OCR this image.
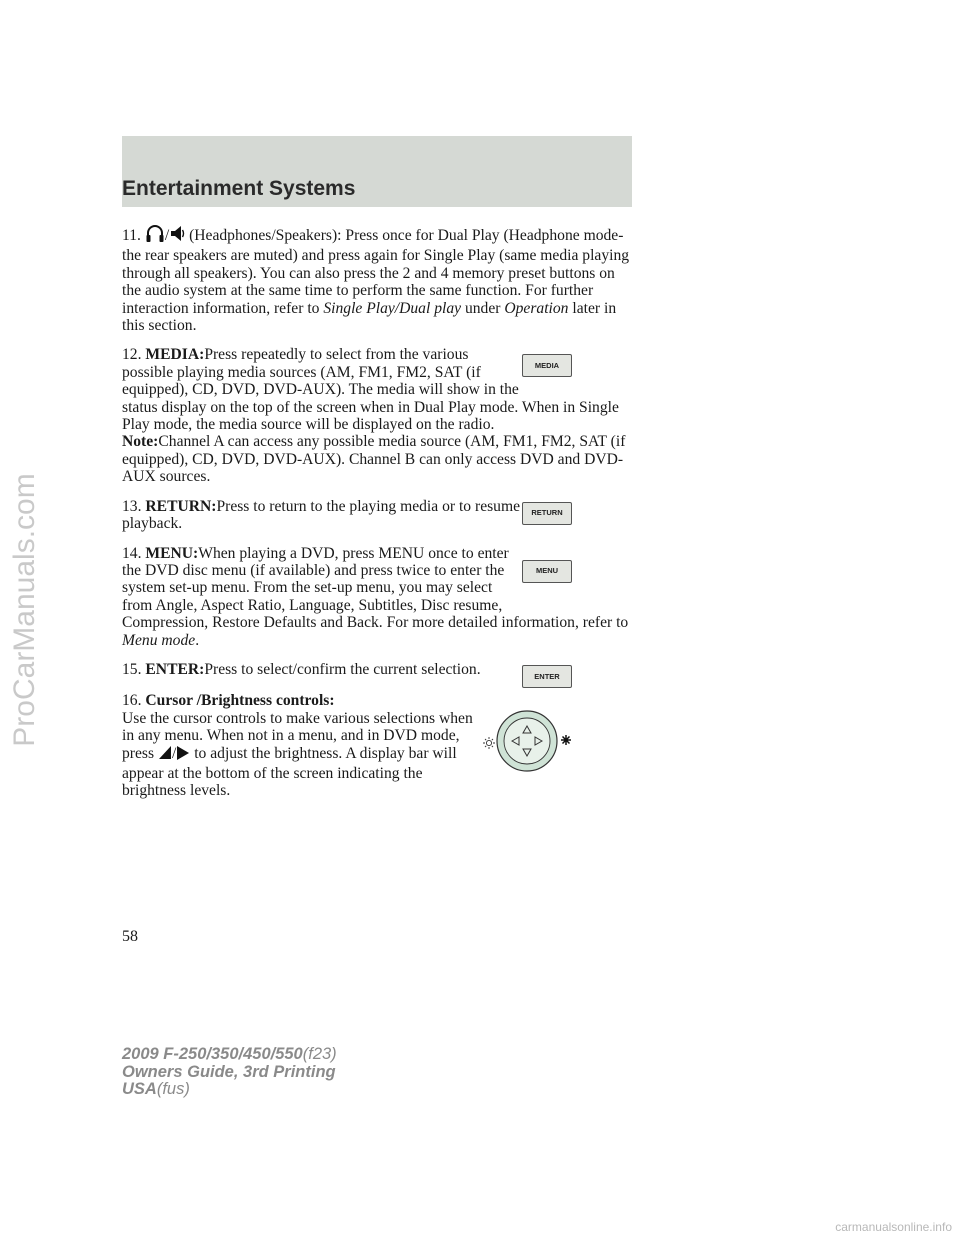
Entertainment Systems

11. / (Headphones/Speakers): Press once for Dual Play (Headphone mode- the rear speakers are muted) and press again for Single Play (same media playing through all speakers). You can also press the 2 and 4 memory preset buttons on the audio system at the same time to perform the same function. For further interaction information, refer to Single Play/Dual play under Operation later in this section.

MEDIA

12. MEDIA:Press repeatedly to select from the various possible playing media sources (AM, FM1, FM2, SAT (if equipped), CD, DVD, DVD-AUX). The media will show in the status display on the top of the screen when in Dual Play mode. When in Single Play mode, the media source will be displayed on the radio.

Note:Channel A can access any possible media source (AM, FM1, FM2, SAT (if equipped), CD, DVD, DVD-AUX). Channel B can only access DVD and DVD-AUX sources.

RETURN

13. RETURN:Press to return to the playing media or to resume playback.

MENU

14. MENU:When playing a DVD, press MENU once to enter the DVD disc menu (if available) and press twice to enter the system set-up menu. From the set-up menu, you may select from Angle, Aspect Ratio, Language, Subtitles, Disc resume, Compression, Restore Defaults and Back. For more detailed information, refer to Menu mode.

ENTER

15. ENTER:Press to select/confirm the current selection.

16. Cursor /Brightness controls:
Use the cursor controls to make various selections when in any menu. When not in a menu, and in DVD mode, press / to adjust the brightness. A display bar will appear at the bottom of the screen indicating the brightness levels.

ProCarManuals.com
58
2009 F-250/350/450/550(f23)
Owners Guide, 3rd Printing
USA(fus)
carmanualsonline.info
